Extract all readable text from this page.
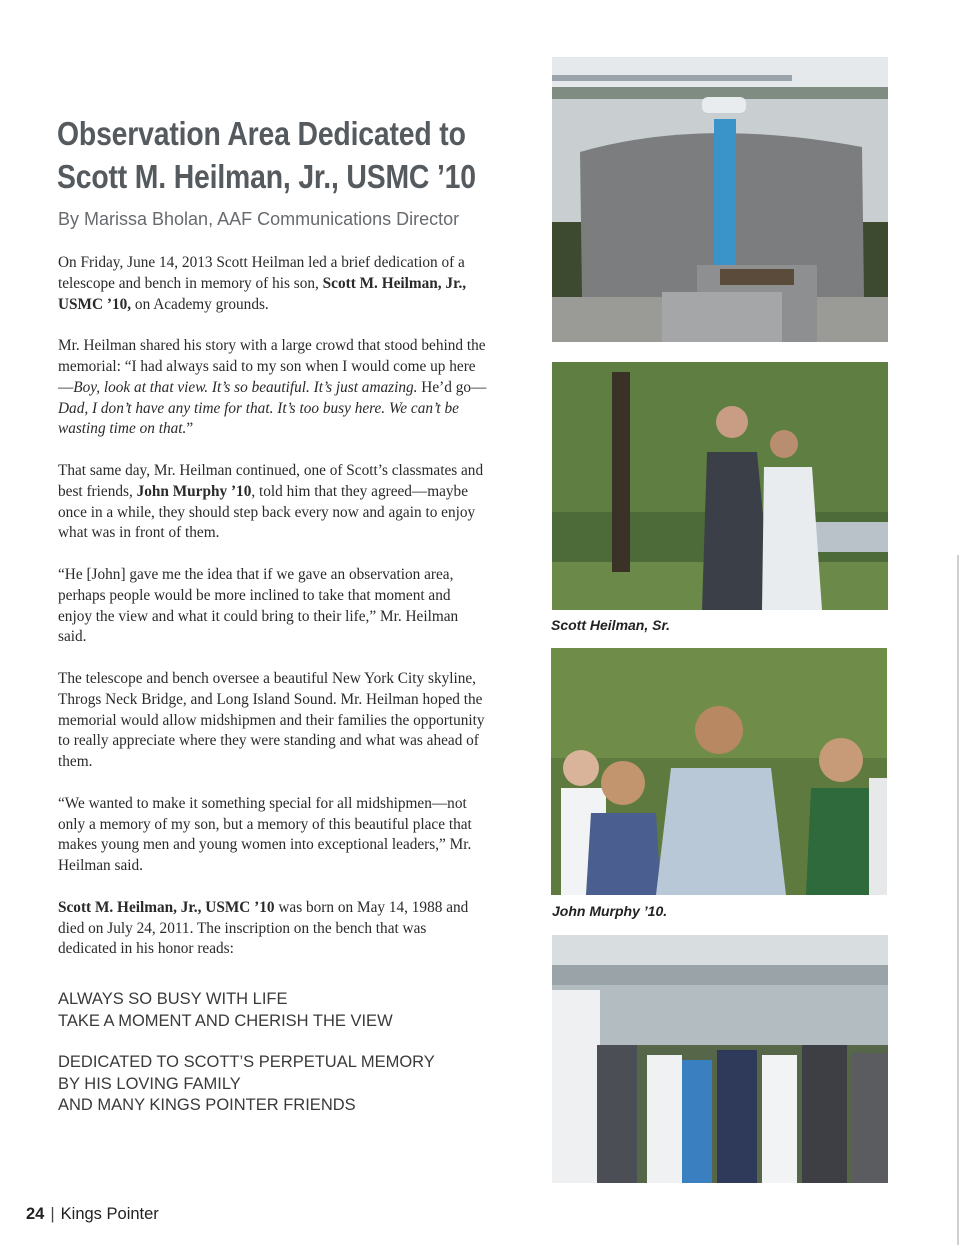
Observation Area Dedicated to
Scott M. Heilman, Jr., USMC ’10
By Marissa Bholan, AAF Communications Director

On Friday, June 14, 2013 Scott Heilman led a brief dedication of a telescope and bench in memory of his son, Scott M. Heilman, Jr., USMC ’10, on Academy grounds.

Mr. Heilman shared his story with a large crowd that stood behind the memorial: “I had always said to my son when I would come up here—Boy, look at that view. It’s so beautiful. It’s just amazing. He’d go—Dad, I don’t have any time for that. It’s too busy here. We can’t be wasting time on that.”

That same day, Mr. Heilman continued, one of Scott’s classmates and best friends, John Murphy ’10, told him that they agreed—maybe once in a while, they should step back every now and again to enjoy what was in front of them.

“He [John] gave me the idea that if we gave an observation area, perhaps people would be more inclined to take that moment and enjoy the view and what it could bring to their life,” Mr. Heilman said.

The telescope and bench oversee a beautiful New York City skyline, Throgs Neck Bridge, and Long Island Sound. Mr. Heilman hoped the memorial would allow midshipmen and their families the opportunity to really appreciate where they were standing and what was ahead of them.

“We wanted to make it something special for all midshipmen—not only a memory of my son, but a memory of this beautiful place that makes young men and young women into exceptional leaders,” Mr. Heilman said.

Scott M. Heilman, Jr., USMC ’10 was born on May 14, 1988 and died on July 24, 2011. The inscription on the bench that was dedicated in his honor reads:

ALWAYS SO BUSY WITH LIFE
TAKE A MOMENT AND CHERISH THE VIEW
DEDICATED TO SCOTT’S PERPETUAL MEMORY
BY HIS LOVING FAMILY
AND MANY KINGS POINTER FRIENDS
Scott Heilman, Sr.
John Murphy ’10.
24 | Kings Pointer
